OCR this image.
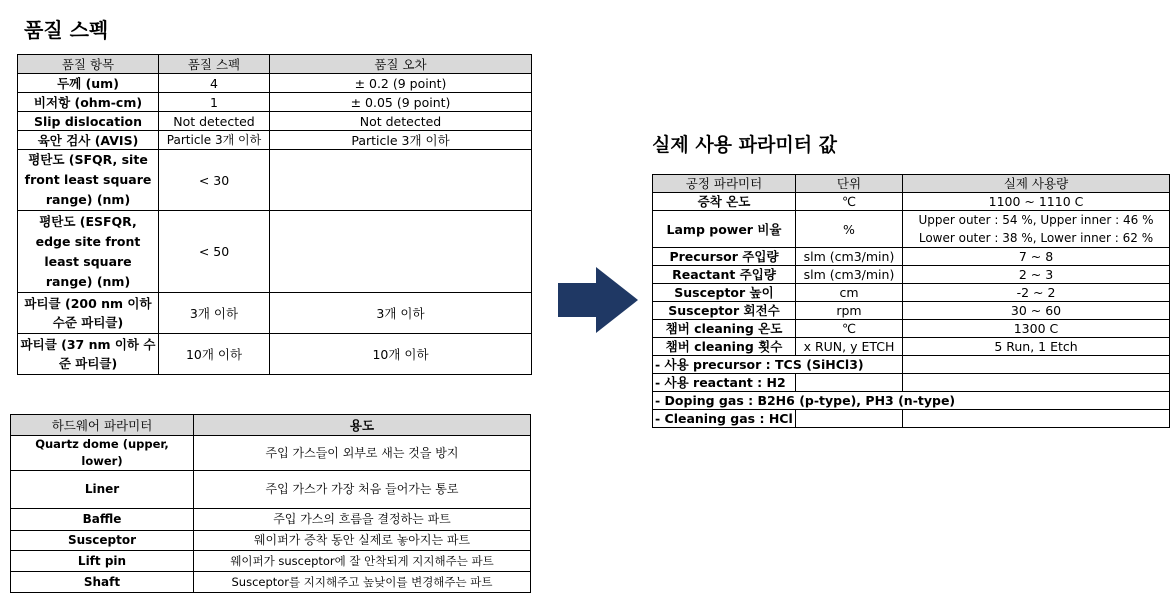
품질 스펙
품질 항목	품질 스펙	품질 오차
두께 (um)	4	± 0.2 (9 point)
비저항 (ohm-cm)	1	± 0.05 (9 point)
Slip dislocation	Not detected	Not detected
육안 검사 (AVIS)	Particle 3개 이하	Particle 3개 이하
평탄도 (SFQR, site front least square range) (nm)	< 30	
평탄도 (ESFQR, edge site front least square range) (nm)	< 50	
파티클 (200 nm 이하 수준 파티클)	3개 이하	3개 이하
파티클 (37 nm 이하 수준 파티클)	10개 이하	10개 이하
하드웨어 파라미터	용도
Quartz dome (upper, lower)	주입 가스들이 외부로 새는 것을 방지
Liner	주입 가스가 가장 처음 들어가는 통로
Baffle	주입 가스의 흐름을 결정하는 파트
Susceptor	웨이퍼가 증착 동안 실제로 놓아지는 파트
Lift pin	웨이퍼가 susceptor에 잘 안착되게 지지해주는 파트
Shaft	Susceptor를 지지해주고 높낮이를 변경해주는 파트
실제 사용 파라미터 값
공정 파라미터	단위	실제 사용량
증착 온도	℃	1100 ~ 1110 C
Lamp power 비율	%	Upper outer : 54 %, Upper inner : 46 %
Lower outer : 38 %, Lower inner : 62 %

Precursor 주입량	slm (cm3/min)	7 ~ 8
Reactant 주입량	slm (cm3/min)	2 ~ 3
Susceptor 높이	cm	-2 ~ 2
Susceptor 회전수	rpm	30 ~ 60
챔버 cleaning 온도	℃	1300 C
챔버 cleaning 횟수	x RUN, y ETCH	5 Run, 1 Etch
- 사용 precursor : TCS (SiHCl3)		
- 사용 reactant : H2		
- Doping gas : B2H6 (p-type), PH3 (n-type)		
- Cleaning gas : HCl		
